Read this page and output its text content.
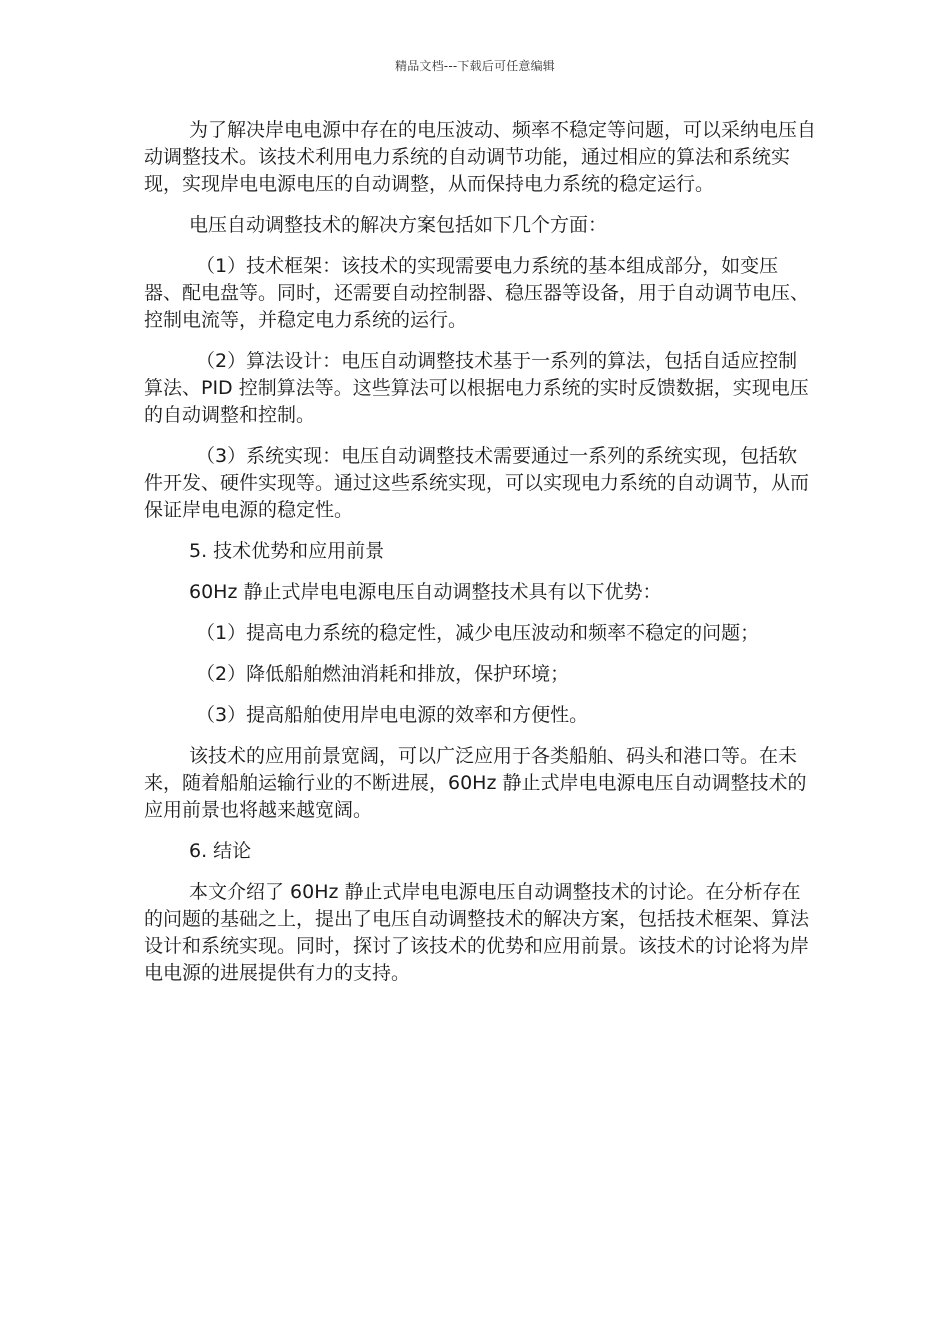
精品文档---下载后可任意编辑

为了解决岸电电源中存在的电压波动、频率不稳定等问题，可以采纳电压自动调整技术。该技术利用电力系统的自动调节功能，通过相应的算法和系统实现，实现岸电电源电压的自动调整，从而保持电力系统的稳定运行。

电压自动调整技术的解决方案包括如下几个方面：

（1）技术框架：该技术的实现需要电力系统的基本组成部分，如变压器、配电盘等。同时，还需要自动控制器、稳压器等设备，用于自动调节电压、控制电流等，并稳定电力系统的运行。

（2）算法设计：电压自动调整技术基于一系列的算法，包括自适应控制算法、PID 控制算法等。这些算法可以根据电力系统的实时反馈数据，实现电压的自动调整和控制。

（3）系统实现：电压自动调整技术需要通过一系列的系统实现，包括软件开发、硬件实现等。通过这些系统实现，可以实现电力系统的自动调节，从而保证岸电电源的稳定性。

5. 技术优势和应用前景

60Hz 静止式岸电电源电压自动调整技术具有以下优势：

（1）提高电力系统的稳定性，减少电压波动和频率不稳定的问题；

（2）降低船舶燃油消耗和排放，保护环境；

（3）提高船舶使用岸电电源的效率和方便性。

该技术的应用前景宽阔，可以广泛应用于各类船舶、码头和港口等。在未来，随着船舶运输行业的不断进展，60Hz 静止式岸电电源电压自动调整技术的应用前景也将越来越宽阔。

6. 结论

本文介绍了 60Hz 静止式岸电电源电压自动调整技术的讨论。在分析存在的问题的基础之上，提出了电压自动调整技术的解决方案，包括技术框架、算法设计和系统实现。同时，探讨了该技术的优势和应用前景。该技术的讨论将为岸电电源的进展提供有力的支持。
